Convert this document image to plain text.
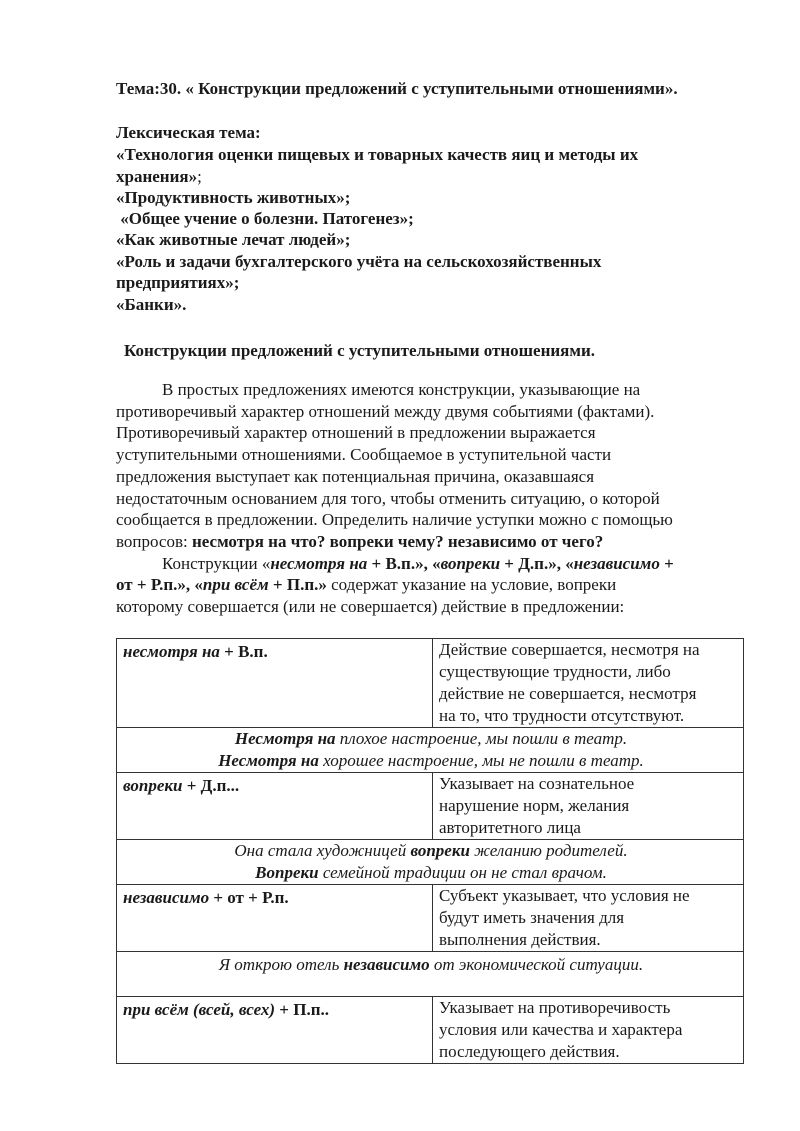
Тема:30. « Конструкции предложений с уступительными отношениями».
Лексическая тема:
«Технология оценки пищевых и товарных качеств яиц и методы их
хранения»;
«Продуктивность животных»;
«Общее учение о болезни. Патогенез»;
«Как животные лечат людей»;
«Роль и задачи бухгалтерского учёта на сельскохозяйственных
предприятиях»;
«Банки».
Конструкции предложений с уступительными отношениями.
В простых предложениях имеются конструкции, указывающие на
противоречивый характер отношений между двумя событиями (фактами).
Противоречивый характер отношений в предложении выражается
уступительными отношениями. Сообщаемое в уступительной части
предложения выступает как потенциальная причина, оказавшаяся
недостаточным основанием для того, чтобы отменить ситуацию, о которой
сообщается в предложении. Определить наличие уступки можно с помощью
вопросов: несмотря на что? вопреки чему? независимо от чего?
Конструкции «несмотря на + В.п.», «вопреки + Д.п.», «независимо +
от + Р.п.», «при всём + П.п.» содержат указание на условие, вопреки
которому совершается (или не совершается) действие в предложении:
несмотря на + В.п.	Действие совершается, несмотря на
существующие трудности, либо
действие не совершается, несмотря
на то, что трудности отсутствуют.

Несмотря на плохое настроение, мы пошли в театр.
Несмотря на хорошее настроение, мы не пошли в театр.	

вопреки + Д.п...	Указывает на сознательное
нарушение норм, желания
авторитетного лица

Она стала художницей вопреки желанию родителей.
Вопреки семейной традиции он не стал врачом.	

независимо + от + Р.п.	Субъект указывает, что условия не
будут иметь значения для
выполнения действия.

Я открою отель независимо от экономической ситуации.	

при всём (всей, всех) + П.п..	Указывает на противоречивость
условия или качества и характера
последующего действия.
